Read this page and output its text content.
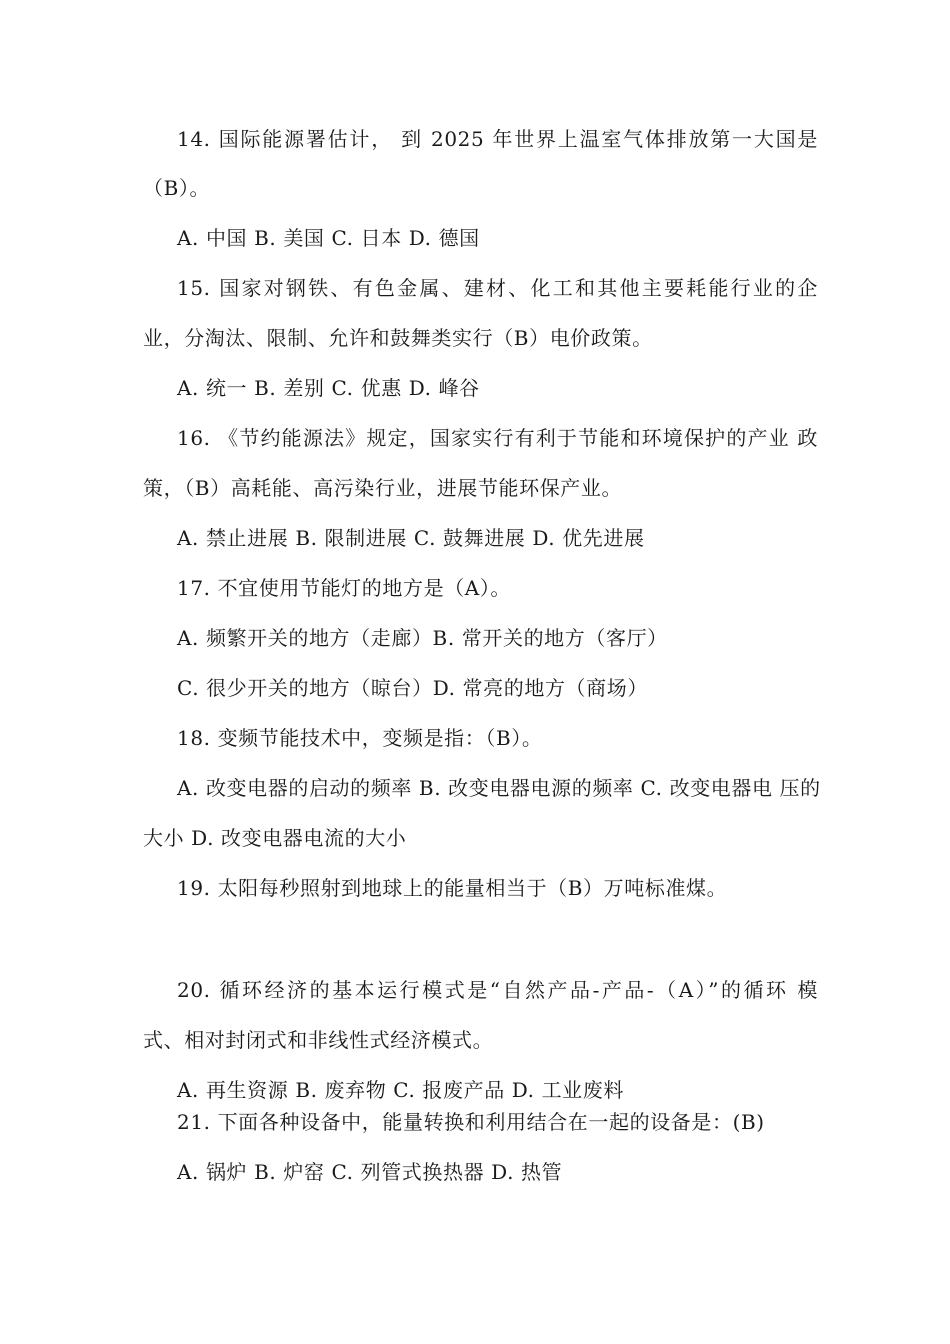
14. 国际能源署估计， 到 2025 年世界上温室气体排放第一大国是
（B）。
A. 中国 B. 美国 C. 日本 D. 德国
15. 国家对钢铁、有色金属、建材、化工和其他主要耗能行业的企
业，分淘汰、限制、允许和鼓舞类实行（B）电价政策。
A. 统一 B. 差别 C. 优惠 D. 峰谷
16. 《节约能源法》规定，国家实行有利于节能和环境保护的产业 政
策，（B）高耗能、高污染行业，进展节能环保产业。
A. 禁止进展 B. 限制进展 C. 鼓舞进展 D. 优先进展
17. 不宜使用节能灯的地方是（A）。
A. 频繁开关的地方（走廊）B. 常开关的地方（客厅）
C. 很少开关的地方（晾台）D. 常亮的地方（商场）
18. 变频节能技术中，变频是指：（B）。
A. 改变电器的启动的频率 B. 改变电器电源的频率 C. 改变电器电 压的
大小 D. 改变电器电流的大小
19. 太阳每秒照射到地球上的能量相当于（B）万吨标准煤。
20. 循环经济的基本运行模式是“自然产品-产品-（A）”的循环 模
式、相对封闭式和非线性式经济模式。
A. 再生资源 B. 废弃物 C. 报废产品 D. 工业废料
21. 下面各种设备中，能量转换和利用结合在一起的设备是：(B)
A. 锅炉 B. 炉窑 C. 列管式换热器 D. 热管
